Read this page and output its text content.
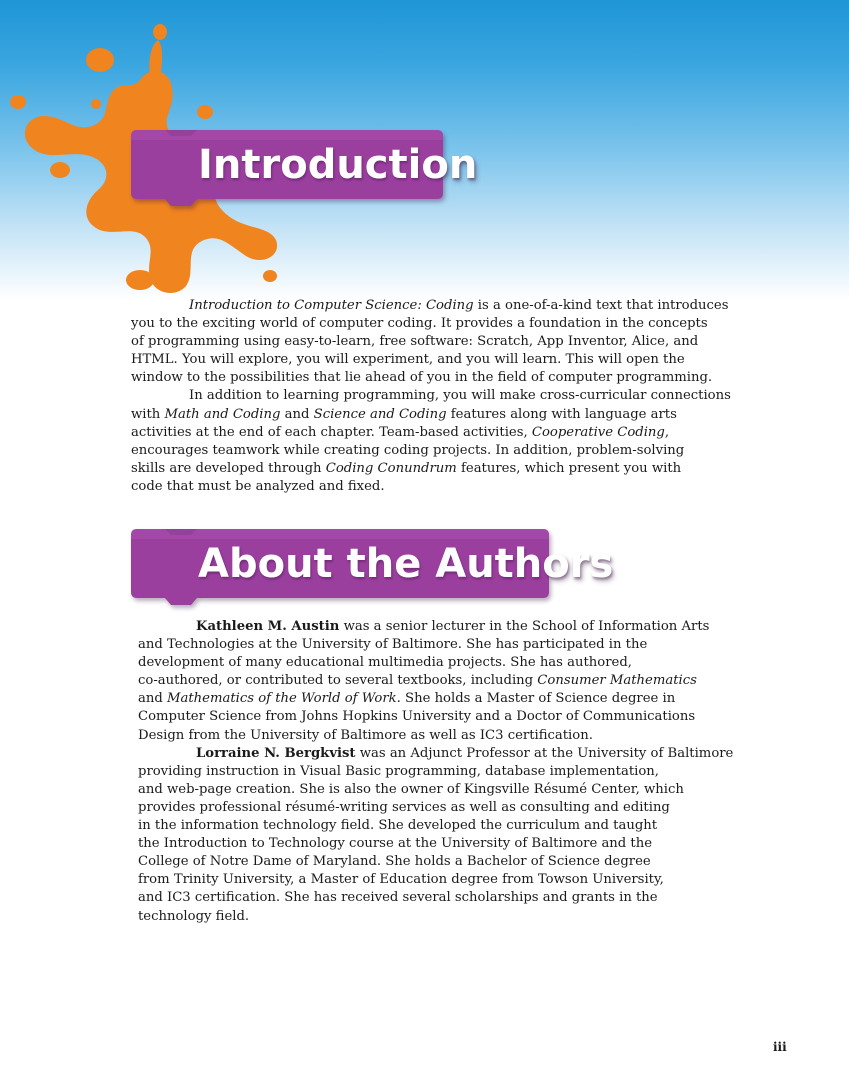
Introduction
Introduction to Computer Science: Coding is a one-of-a-kind text that introduces
you to the exciting world of computer coding. It provides a foundation in the concepts
of programming using easy-to-learn, free software: Scratch, App Inventor, Alice, and
HTML. You will explore, you will experiment, and you will learn. This will open the
window to the possibilities that lie ahead of you in the field of computer programming.
In addition to learning programming, you will make cross-curricular connections
with Math and Coding and Science and Coding features along with language arts
activities at the end of each chapter. Team-based activities, Cooperative Coding,
encourages teamwork while creating coding projects. In addition, problem-solving
skills are developed through Coding Conundrum features, which present you with
code that must be analyzed and fixed.
About the Authors
Kathleen M. Austin was a senior lecturer in the School of Information Arts
and Technologies at the University of Baltimore. She has participated in the
development of many educational multimedia projects. She has authored,
co-authored, or contributed to several textbooks, including Consumer Mathematics
and Mathematics of the World of Work. She holds a Master of Science degree in
Computer Science from Johns Hopkins University and a Doctor of Communications
Design from the University of Baltimore as well as IC3 certification.
Lorraine N. Bergkvist was an Adjunct Professor at the University of Baltimore
providing instruction in Visual Basic programming, database implementation,
and web-page creation. She is also the owner of Kingsville Résumé Center, which
provides professional résumé-writing services as well as consulting and editing
in the information technology field. She developed the curriculum and taught
the Introduction to Technology course at the University of Baltimore and the
College of Notre Dame of Maryland. She holds a Bachelor of Science degree
from Trinity University, a Master of Education degree from Towson University,
and IC3 certification. She has received several scholarships and grants in the
technology field.
iii
